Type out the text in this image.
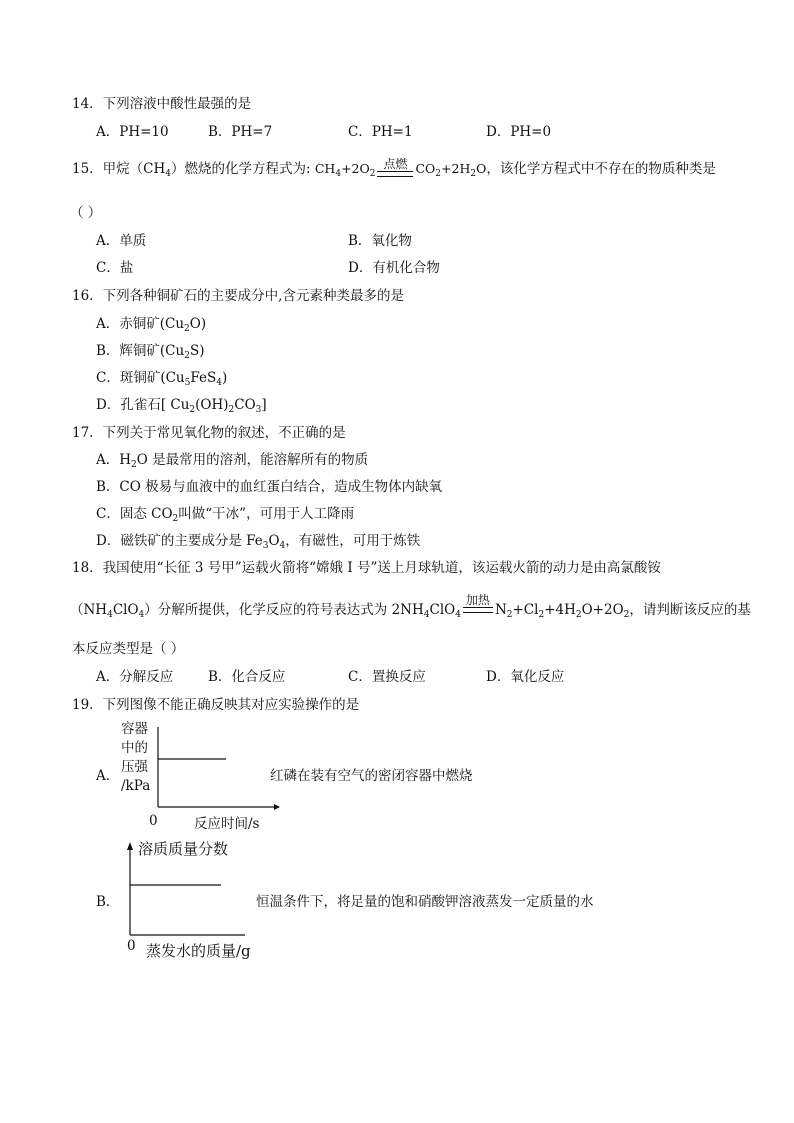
14．下列溶液中酸性最强的是
A．PH=10	B．PH=7	C．PH=1	D．PH=0
15．甲烷$(CH_4)$燃烧的化学方程式为: $CH_4+2O_2$
点燃 $CO_2+2H_2O$ ，该化学方程式中不存在的物质种类是
（ ）
A．单质	B．氧化物
C．盐	D．有机化合物
16．下列各种铜矿石的主要成分中,含元素种类最多的是
A．赤铜矿$(Cu_2O)$
B．辉铜矿$(Cu_2S)$
C．斑铜矿$(Cu_5FeS_4)$
D．孔雀石[ $Cu_2(OH)_2CO_3$]
17．下列关于常见氧化物的叙述，不正确的是
A．$H_2O$ 是最常用的溶剂，能溶解所有的物质
B．CO 极易与血液中的血红蛋白结合，造成生物体内缺氧
C．固态 $CO_2$叫做“干冰”，可用于人工降雨
D．磁铁矿的主要成分是 $Fe_3O_4$，有磁性，可用于炼铁
18．我国使用“长征 3 号甲”运载火箭将“嫦娥 I 号”送上月球轨道，该运载火箭的动力是由高氯酸铵
$(NH_4ClO_4)$分解所提供，化学反应的符号表达式为 $2NH_4ClO_4$
加热
$N_2+Cl_2+4H_2O+2O_2$，请判断该反应的基
本反应类型是（ ）
A．分解反应	B．化合反应	C．置换反应	D．氧化反应
19．下列图像不能正确反映其对应实验操作的是
A．
容器
中的
压强
/kPa
0	反应时间/s
红磷在装有空气的密闭容器中燃烧
B．
溶质质量分数
0 蒸发水的质量/g
恒温条件下，将足量的饱和硝酸钾溶液蒸发一定质量的水
